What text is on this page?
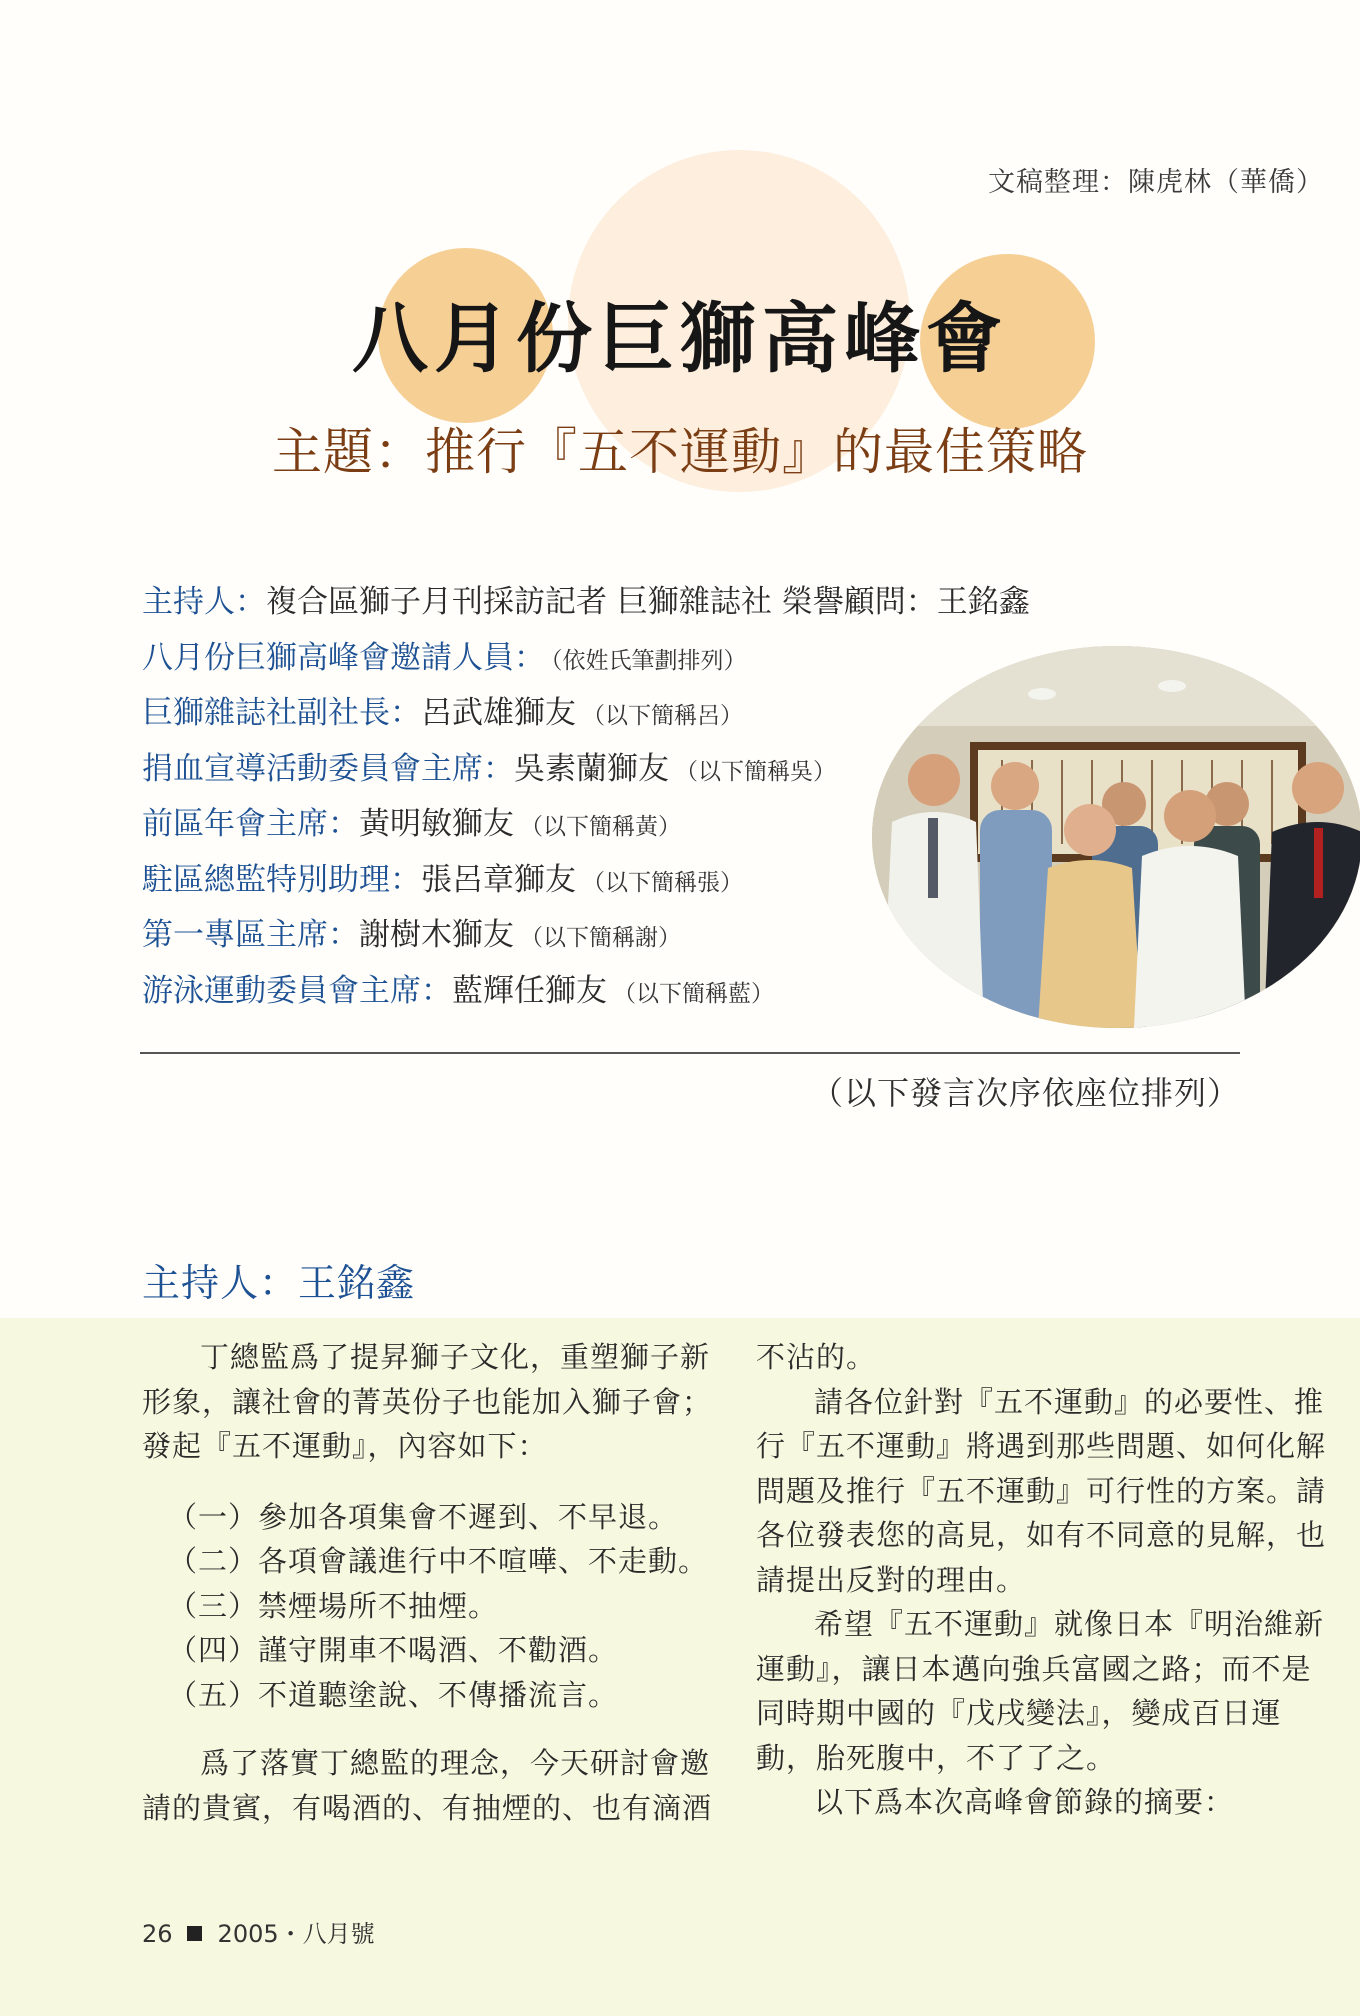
文稿整理：陳虎林（華僑）
八月份巨獅高峰會
主題：推行『五不運動』的最佳策略
主持人：複合區獅子月刊採訪記者 巨獅雜誌社 榮譽顧問：王銘鑫
八月份巨獅高峰會邀請人員： （依姓氏筆劃排列）
巨獅雜誌社副社長：呂武雄獅友 （以下簡稱呂）
捐血宣導活動委員會主席：吳素蘭獅友 （以下簡稱吳）
前區年會主席：黃明敏獅友 （以下簡稱黃）
駐區總監特別助理：張呂章獅友 （以下簡稱張）
第一專區主席：謝樹木獅友 （以下簡稱謝）
游泳運動委員會主席：藍輝任獅友 （以下簡稱藍）
（以下發言次序依座位排列）
主持人：王銘鑫

丁總監爲了提昇獅子文化，重塑獅子新形象，讓社會的菁英份子也能加入獅子會；發起『五不運動』，內容如下：

（一）參加各項集會不遲到、不早退。
（二）各項會議進行中不喧嘩、不走動。
（三）禁煙場所不抽煙。
（四）謹守開車不喝酒、不勸酒。
（五）不道聽塗說、不傳播流言。

爲了落實丁總監的理念，今天研討會邀請的貴賓，有喝酒的、有抽煙的、也有滴酒

不沾的。

請各位針對『五不運動』的必要性、推行『五不運動』將遇到那些問題、如何化解問題及推行『五不運動』可行性的方案。請各位發表您的高見，如有不同意的見解，也請提出反對的理由。

希望『五不運動』就像日本『明治維新運動』，讓日本邁向強兵富國之路；而不是同時期中國的『戊戌變法』，變成百日運動，胎死腹中，不了了之。

以下爲本次高峰會節錄的摘要：

26 2005・八月號
